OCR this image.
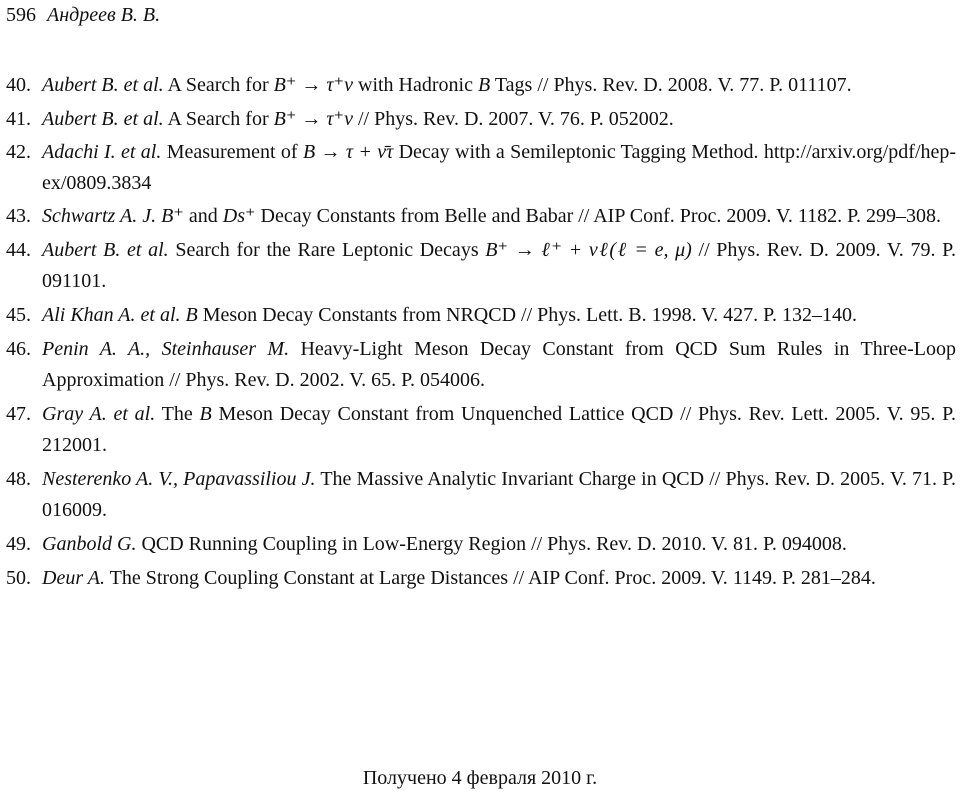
596 Андреев В. В.
40. Aubert B. et al. A Search for B⁺ → τ⁺ν with Hadronic B Tags // Phys. Rev. D. 2008. V. 77. P. 011107.
41. Aubert B. et al. A Search for B⁺ → τ⁺ν // Phys. Rev. D. 2007. V. 76. P. 052002.
42. Adachi I. et al. Measurement of B → τ + ν̄τ Decay with a Semileptonic Tagging Method. http://arxiv.org/pdf/hep-ex/0809.3834
43. Schwartz A. J. B⁺ and Ds⁺ Decay Constants from Belle and Babar // AIP Conf. Proc. 2009. V. 1182. P. 299–308.
44. Aubert B. et al. Search for the Rare Leptonic Decays B⁺ → ℓ⁺ + νℓ(ℓ = e, μ) // Phys. Rev. D. 2009. V. 79. P. 091101.
45. Ali Khan A. et al. B Meson Decay Constants from NRQCD // Phys. Lett. B. 1998. V. 427. P. 132–140.
46. Penin A. A., Steinhauser M. Heavy-Light Meson Decay Constant from QCD Sum Rules in Three-Loop Approximation // Phys. Rev. D. 2002. V. 65. P. 054006.
47. Gray A. et al. The B Meson Decay Constant from Unquenched Lattice QCD // Phys. Rev. Lett. 2005. V. 95. P. 212001.
48. Nesterenko A. V., Papavassiliou J. The Massive Analytic Invariant Charge in QCD // Phys. Rev. D. 2005. V. 71. P. 016009.
49. Ganbold G. QCD Running Coupling in Low-Energy Region // Phys. Rev. D. 2010. V. 81. P. 094008.
50. Deur A. The Strong Coupling Constant at Large Distances // AIP Conf. Proc. 2009. V. 1149. P. 281–284.
Получено 4 февраля 2010 г.
